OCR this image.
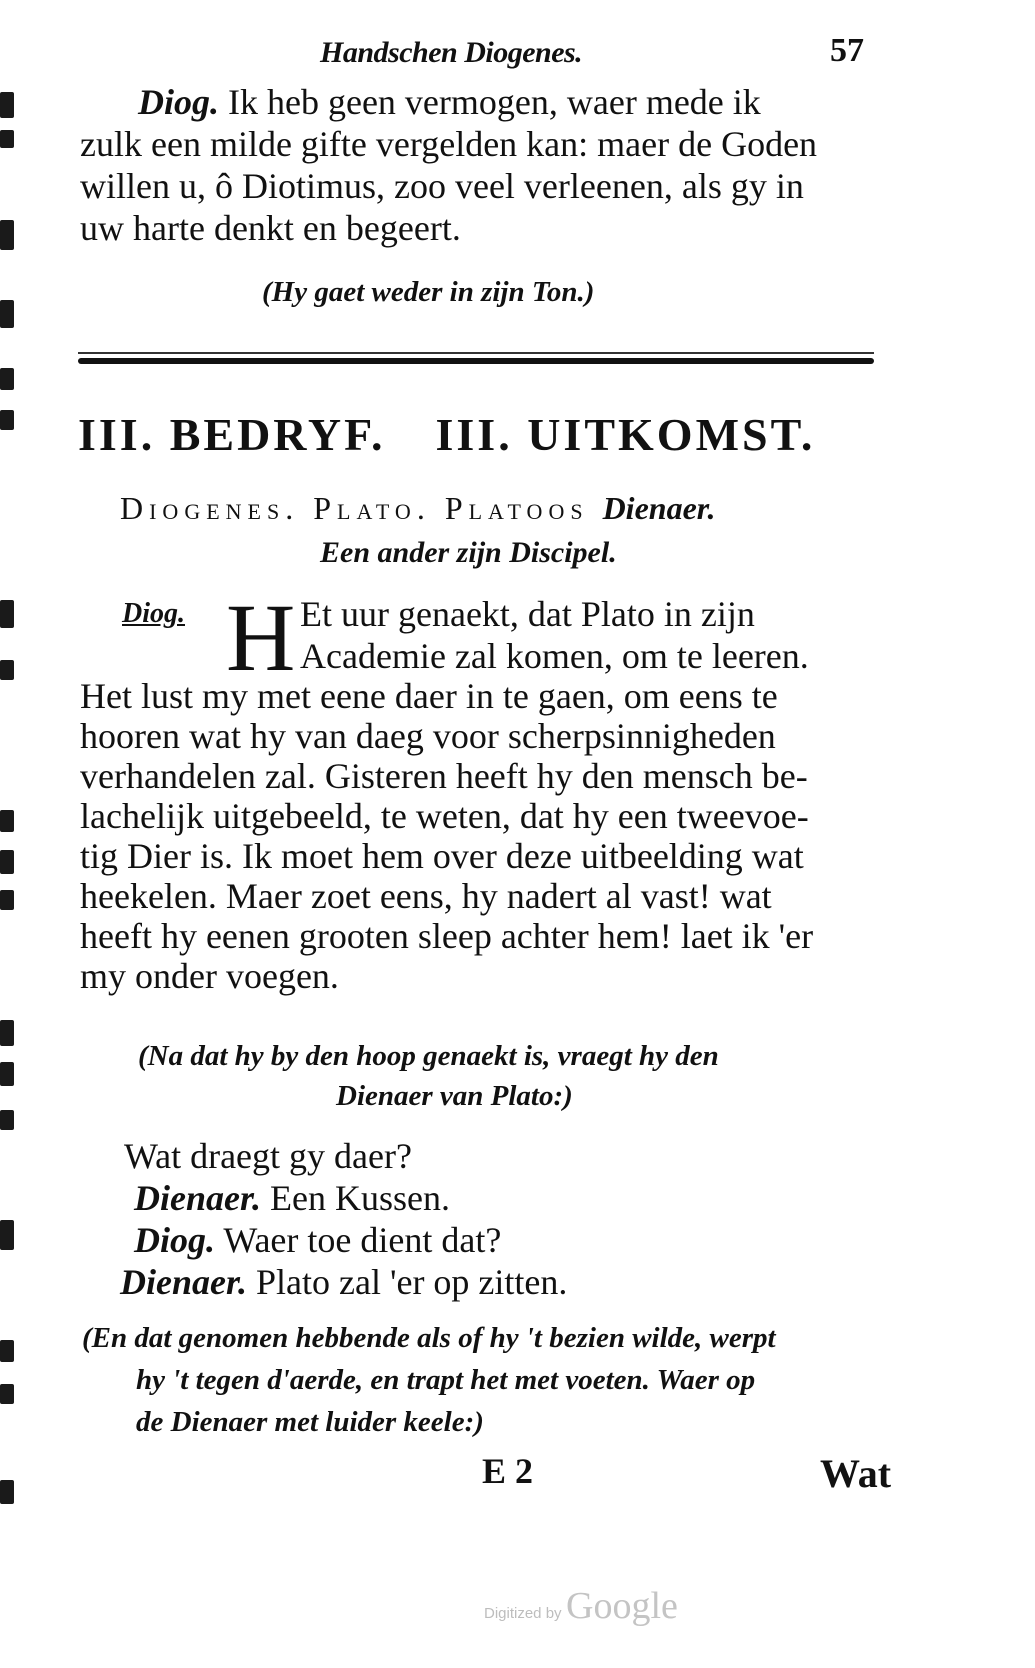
Handschen Diogenes.	57
Diog. Ik heb geen vermogen, waer mede ik
zulk een milde gifte vergelden kan: maer de Goden
willen u, ô Diotimus, zoo veel verleenen, als gy in
uw harte denkt en begeert.
(Hy gaet weder in zijn Ton.)
III. BEDRYF. III. UITKOMST.
Diogenes. Plato. Platoos Dienaer.
Een ander zijn Discipel.
Diog. H Et uur genaekt, dat Plato in zijn
Academie zal komen, om te leeren.
Het lust my met eene daer in te gaen, om eens te
hooren wat hy van daeg voor scherpsinnigheden
verhandelen zal. Gisteren heeft hy den mensch be-
lachelijk uitgebeeld, te weten, dat hy een tweevoe-
tig Dier is. Ik moet hem over deze uitbeelding wat
heekelen. Maer zoet eens, hy nadert al vast! wat
heeft hy eenen grooten sleep achter hem! laet ik 'er
my onder voegen.
(Na dat hy by den hoop genaekt is, vraegt hy den
Dienaer van Plato:)
Wat draegt gy daer?
Dienaer. Een Kussen.
Diog. Waer toe dient dat?
Dienaer. Plato zal 'er op zitten.
(En dat genomen hebbende als of hy 't bezien wilde, werpt
hy 't tegen d'aerde, en trapt het met voeten. Waer op
de Dienaer met luider keele:)
E 2	Wat
Digitized by Google
